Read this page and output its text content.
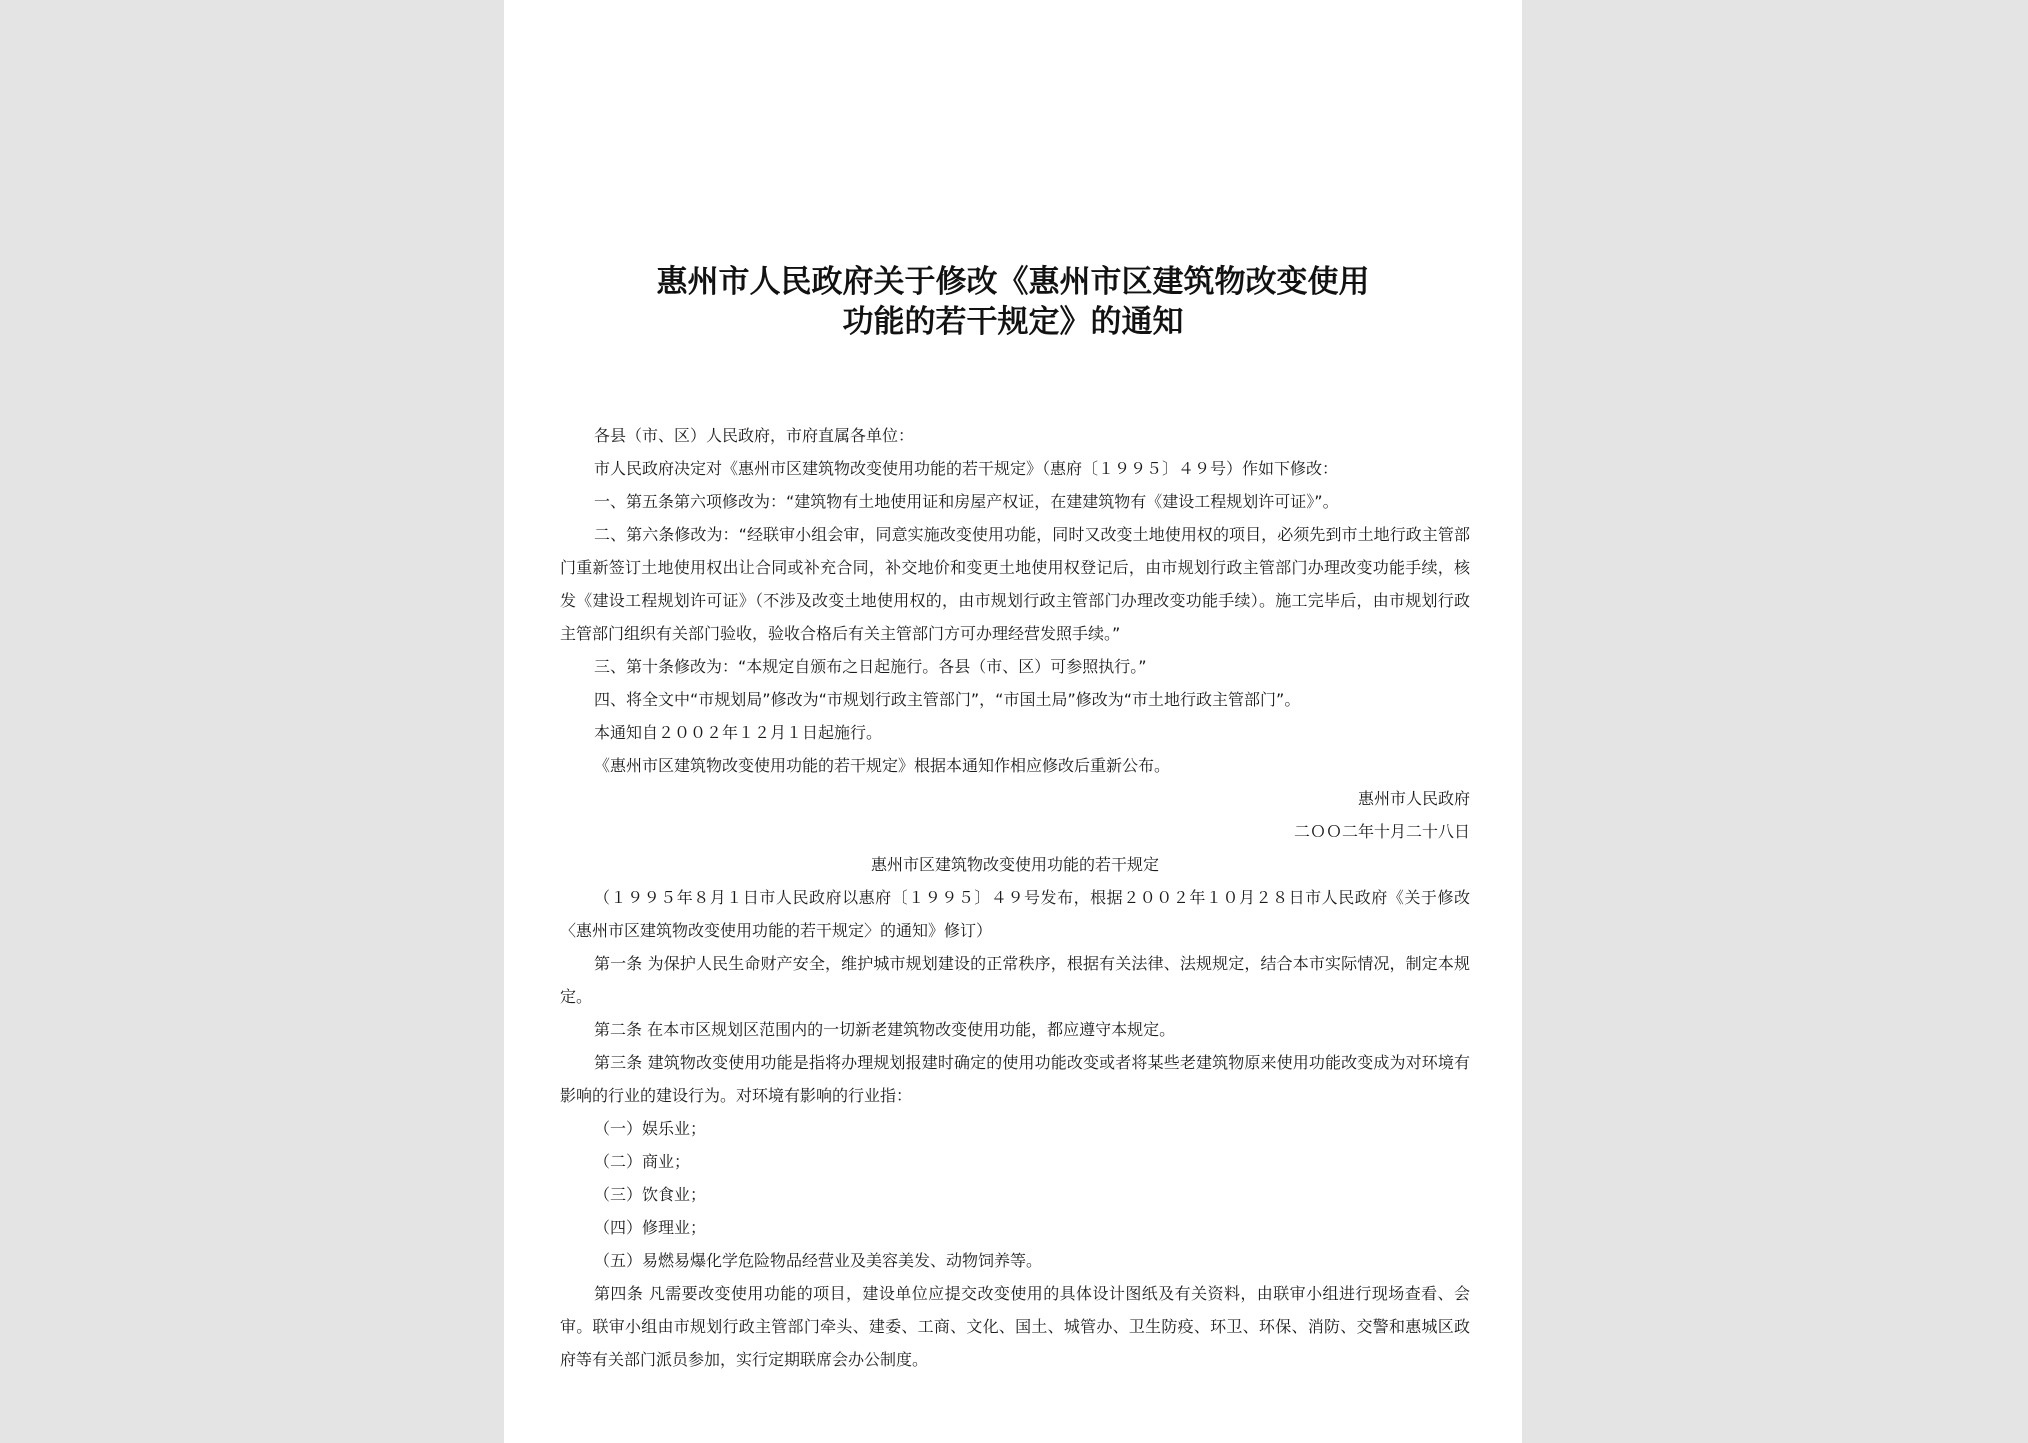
惠州市人民政府关于修改《惠州市区建筑物改变使用
功能的若干规定》的通知

各县（市、区）人民政府，市府直属各单位：

市人民政府决定对《惠州市区建筑物改变使用功能的若干规定》（惠府〔１９９５〕４９号）作如下修改：

一、第五条第六项修改为：“建筑物有土地使用证和房屋产权证，在建建筑物有《建设工程规划许可证》”。

二、第六条修改为：“经联审小组会审，同意实施改变使用功能，同时又改变土地使用权的项目，必须先到市土地行政主管部门重新签订土地使用权出让合同或补充合同，补交地价和变更土地使用权登记后，由市规划行政主管部门办理改变功能手续，核发《建设工程规划许可证》（不涉及改变土地使用权的，由市规划行政主管部门办理改变功能手续）。施工完毕后，由市规划行政主管部门组织有关部门验收，验收合格后有关主管部门方可办理经营发照手续。”

三、第十条修改为：“本规定自颁布之日起施行。各县（市、区）可参照执行。”

四、将全文中“市规划局”修改为“市规划行政主管部门”，“市国土局”修改为“市土地行政主管部门”。

本通知自２００２年１２月１日起施行。

《惠州市区建筑物改变使用功能的若干规定》根据本通知作相应修改后重新公布。

惠州市人民政府

二ＯＯ二年十月二十八日

惠州市区建筑物改变使用功能的若干规定

（１９９５年８月１日市人民政府以惠府〔１９９５〕４９号发布，根据２００２年１０月２８日市人民政府《关于修改〈惠州市区建筑物改变使用功能的若干规定〉的通知》修订）

第一条 为保护人民生命财产安全，维护城市规划建设的正常秩序，根据有关法律、法规规定，结合本市实际情况，制定本规定。

第二条 在本市区规划区范围内的一切新老建筑物改变使用功能，都应遵守本规定。

第三条 建筑物改变使用功能是指将办理规划报建时确定的使用功能改变或者将某些老建筑物原来使用功能改变成为对环境有影响的行业的建设行为。对环境有影响的行业指：

（一）娱乐业；

（二）商业；

（三）饮食业；

（四）修理业；

（五）易燃易爆化学危险物品经营业及美容美发、动物饲养等。

第四条 凡需要改变使用功能的项目，建设单位应提交改变使用的具体设计图纸及有关资料，由联审小组进行现场查看、会审。联审小组由市规划行政主管部门牵头、建委、工商、文化、国土、城管办、卫生防疫、环卫、环保、消防、交警和惠城区政府等有关部门派员参加，实行定期联席会办公制度。
